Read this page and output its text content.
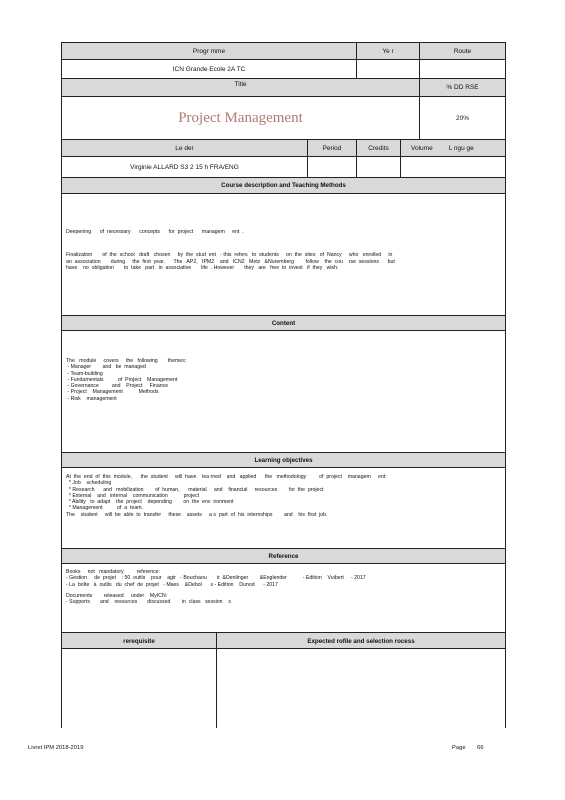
Progr mme	Ye r	Route
ICN Grande Ecole 2A TC
Title	% DD RSE
Project Management	20%
Le der	Period	Credits	Volume L ngu ge
Virginie ALLARD S3 2 15 h FRA/ENG
Course description and Teaching Methods

Deepening      of  necessary      concepts      for  project      managem     ent  .

Finalization       of  the  school   draft   chosen     by  the  stud  ent   - this  refers   to  students     on  the  sites   of  Nancy     who   enrolled     in

an  association       during     the  first  year.      The   AP2,   IPM2    and   ICN2   Metz   &Nuremberg        follow    the  cou    rse  sessions      but

have    no  obligation       to  take   part   in  associative       life  . However       they   are   free  to  invest   if  they   wish.

Content

The   module     covers     the   following       themes:

- Manager        and   be  managed

- Team-building

- Fundamentals          of  Project    Management

- Governance         and    Project     Finance

- Project    Management           Methods

- Risk    management

Learning objectives

At  the  end  of  this  module,      the  student     will  have    lea rned    and   applied      the   methodology         of  project    managem     ent:

* Job    scheduling

* Research      and   mobilization        of  human,      material     and    financial     resources        for  the  project

* External    and   internal    communication           project

* Ability   to  adapt    the  project    depending        on  the  env  ironment

* Management          of  a  team.

The    student     will  be  able  to  transfer     these    assets     a s  part  of  his  internships        and    his  first  job.

Reference

Books     not   mandatory         reference:

- Gestion     de  projet    : 50  outils    pour    agir   - Bouchaou       ir  &Denlinger        &Englender           - Edition    Vuibert     - 2017

- La  boîte   à  outils   du  chef  de  projet   - Maes    &Debol      s - Edition    Dunod      - 2017

Documents        released     under    MyICN:

- Supports       and    resources       discussed        in  class   session    s

rerequisite	Expected rofile and selection rocess
Livret IPM 2018-2019	Page 66
